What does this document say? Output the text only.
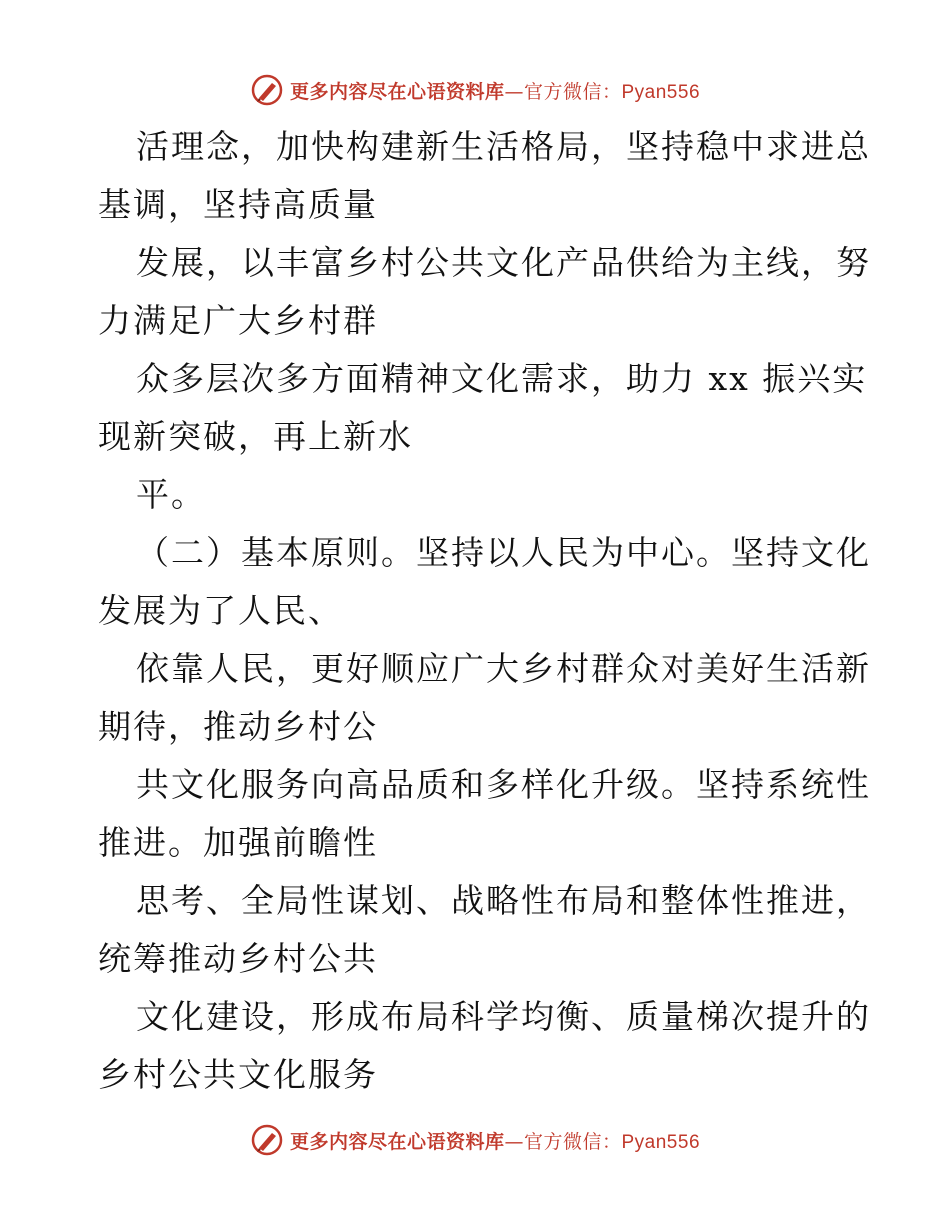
更多内容尽在心语资料库—官方微信：Pyan556
活理念，加快构建新生活格局，坚持稳中求进总
基调，坚持高质量
发展，以丰富乡村公共文化产品供给为主线，努
力满足广大乡村群
众多层次多方面精神文化需求，助力 xx 振兴实
现新突破，再上新水
平。
（二）基本原则。坚持以人民为中心。坚持文化
发展为了人民、
依靠人民，更好顺应广大乡村群众对美好生活新
期待，推动乡村公
共文化服务向高品质和多样化升级。坚持系统性
推进。加强前瞻性
思考、全局性谋划、战略性布局和整体性推进，
统筹推动乡村公共
文化建设，形成布局科学均衡、质量梯次提升的
乡村公共文化服务
更多内容尽在心语资料库—官方微信：Pyan556
